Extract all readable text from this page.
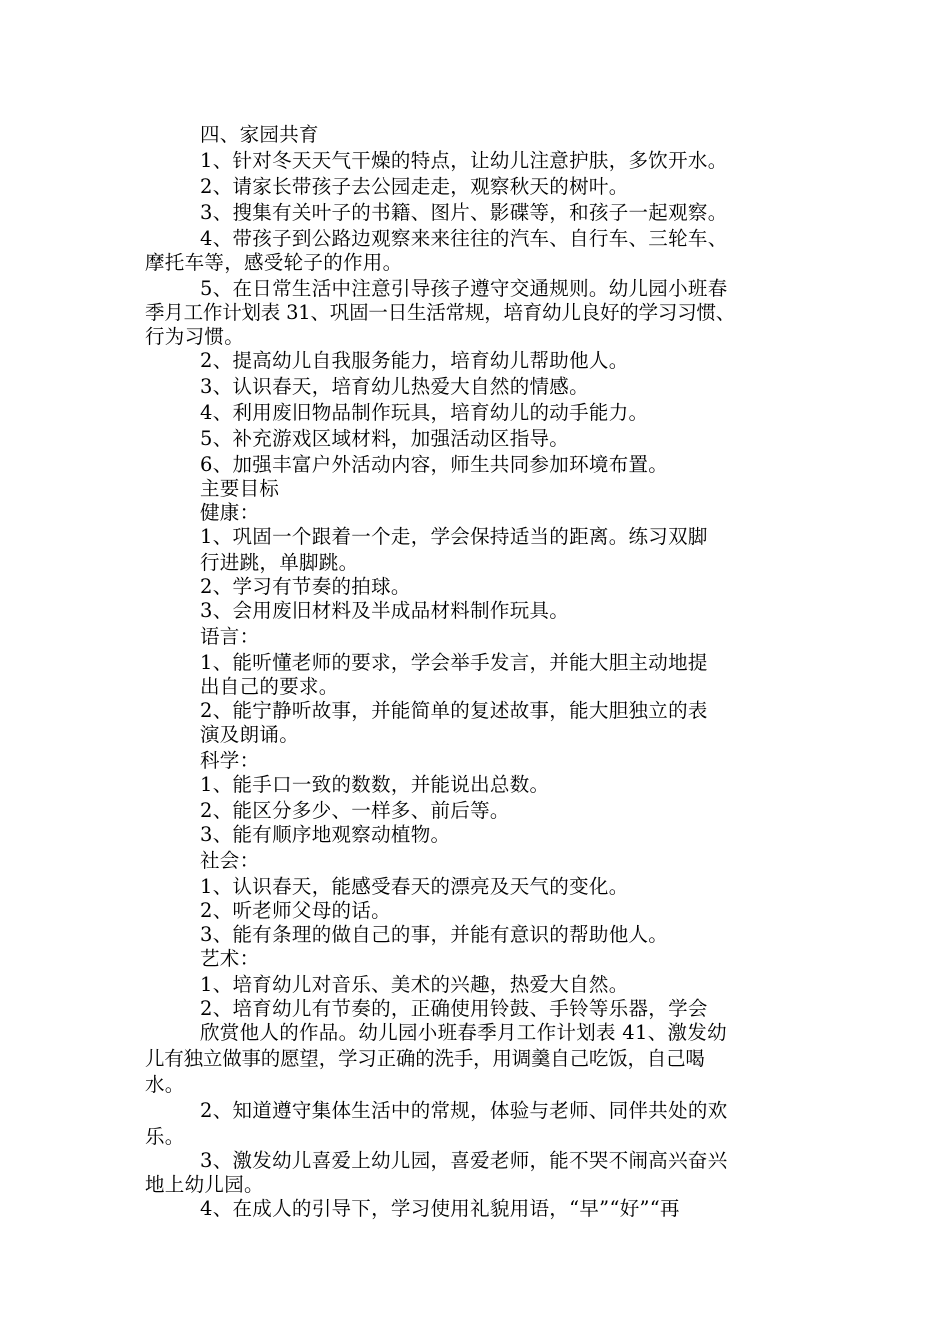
四、家园共育

1、针对冬天天气干燥的特点，让幼儿注意护肤，多饮开水。

2、请家长带孩子去公园走走，观察秋天的树叶。

3、搜集有关叶子的书籍、图片、影碟等，和孩子一起观察。

4、带孩子到公路边观察来来往往的汽车、自行车、三轮车、

摩托车等，感受轮子的作用。

5、在日常生活中注意引导孩子遵守交通规则。幼儿园小班春

季月工作计划表 31、巩固一日生活常规，培育幼儿良好的学习习惯、

行为习惯。

2、提高幼儿自我服务能力，培育幼儿帮助他人。

3、认识春天，培育幼儿热爱大自然的情感。

4、利用废旧物品制作玩具，培育幼儿的动手能力。

5、补充游戏区域材料，加强活动区指导。

6、加强丰富户外活动内容，师生共同参加环境布置。

主要目标

健康：

1、巩固一个跟着一个走，学会保持适当的距离。练习双脚

行进跳，单脚跳。

2、学习有节奏的拍球。

3、会用废旧材料及半成品材料制作玩具。

语言：

1、能听懂老师的要求，学会举手发言，并能大胆主动地提

出自己的要求。

2、能宁静听故事，并能简单的复述故事，能大胆独立的表

演及朗诵。

科学：

1、能手口一致的数数，并能说出总数。

2、能区分多少、一样多、前后等。

3、能有顺序地观察动植物。

社会：

1、认识春天，能感受春天的漂亮及天气的变化。

2、听老师父母的话。

3、能有条理的做自己的事，并能有意识的帮助他人。

艺术：

1、培育幼儿对音乐、美术的兴趣，热爱大自然。

2、培育幼儿有节奏的，正确使用铃鼓、手铃等乐器，学会

欣赏他人的作品。幼儿园小班春季月工作计划表 41、激发幼

儿有独立做事的愿望，学习正确的洗手，用调羹自己吃饭，自己喝

水。

2、知道遵守集体生活中的常规，体验与老师、同伴共处的欢

乐。

3、激发幼儿喜爱上幼儿园，喜爱老师，能不哭不闹高兴奋兴

地上幼儿园。

4、在成人的引导下，学习使用礼貌用语，“早”“好”“再
